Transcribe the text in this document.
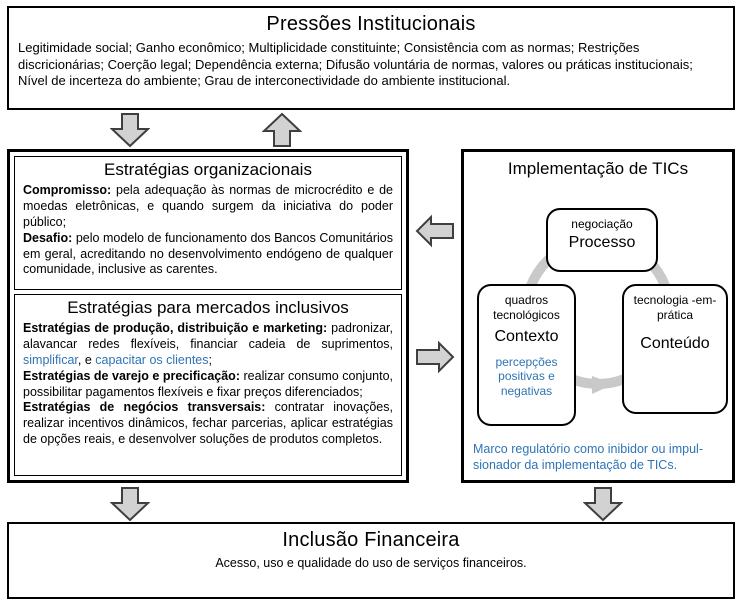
Pressões Institucionais
Legitimidade social; Ganho econômico; Multiplicidade constituinte; Consistência com as normas; Restrições discricionárias; Coerção legal; Dependência externa; Difusão voluntária de normas, valores ou práticas institucionais; Nível de incerteza do ambiente; Grau de interconectividade do ambiente institucional.
Estratégias organizacionais

Compromisso: pela adequação às normas de microcrédito e de moedas eletrônicas, e quando surgem da iniciativa do poder público;

Desafio: pelo modelo de funcionamento dos Bancos Comunitários em geral, acreditando no desenvolvimento endógeno de qualquer comunidade, inclusive as carentes.

Estratégias para mercados inclusivos

Estratégias de produção, distribuição e marketing: padronizar, alavancar redes flexíveis, financiar cadeia de suprimentos, simplificar, e capacitar os clientes;

Estratégias de varejo e precificação: realizar consumo conjunto, possibilitar pagamentos flexíveis e fixar preços diferenciados;

Estratégias de negócios transversais: contratar inovações, realizar incentivos dinâmicos, fechar parcerias, aplicar estratégias de opções reais, e desenvolver soluções de produtos completos.

Implementação de TICs
negociação
Processo
quadros tecnológicos
Contexto
percepções positivas e negativas
tecnologia -em-prática
Conteúdo
Marco regulatório como inibidor ou impulsionador da implementação de TICs.
Inclusão Financeira
Acesso, uso e qualidade do uso de serviços financeiros.
